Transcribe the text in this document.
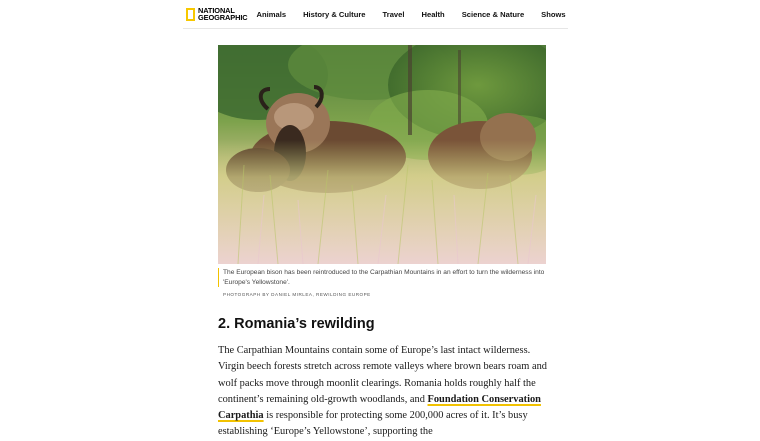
NATIONAL
GEOGRAPHIC Animals History & Culture Travel Health Science & Nature Shows
The European bison has been reintroduced to the Carpathian Mountains in an effort to turn the wilderness into 'Europe's Yellowstone'.
PHOTOGRAPH BY DANIEL MIRLEA, REWILDING EUROPE
2. Romania’s rewilding

The Carpathian Mountains contain some of Europe’s last intact wilderness. Virgin beech forests stretch across remote valleys where brown bears roam and wolf packs move through moonlit clearings. Romania holds roughly half the continent’s remaining old-growth woodlands, and Foundation Conservation Carpathia is responsible for protecting some 200,000 acres of it. It’s busy establishing ‘Europe’s Yellowstone’, supporting the
